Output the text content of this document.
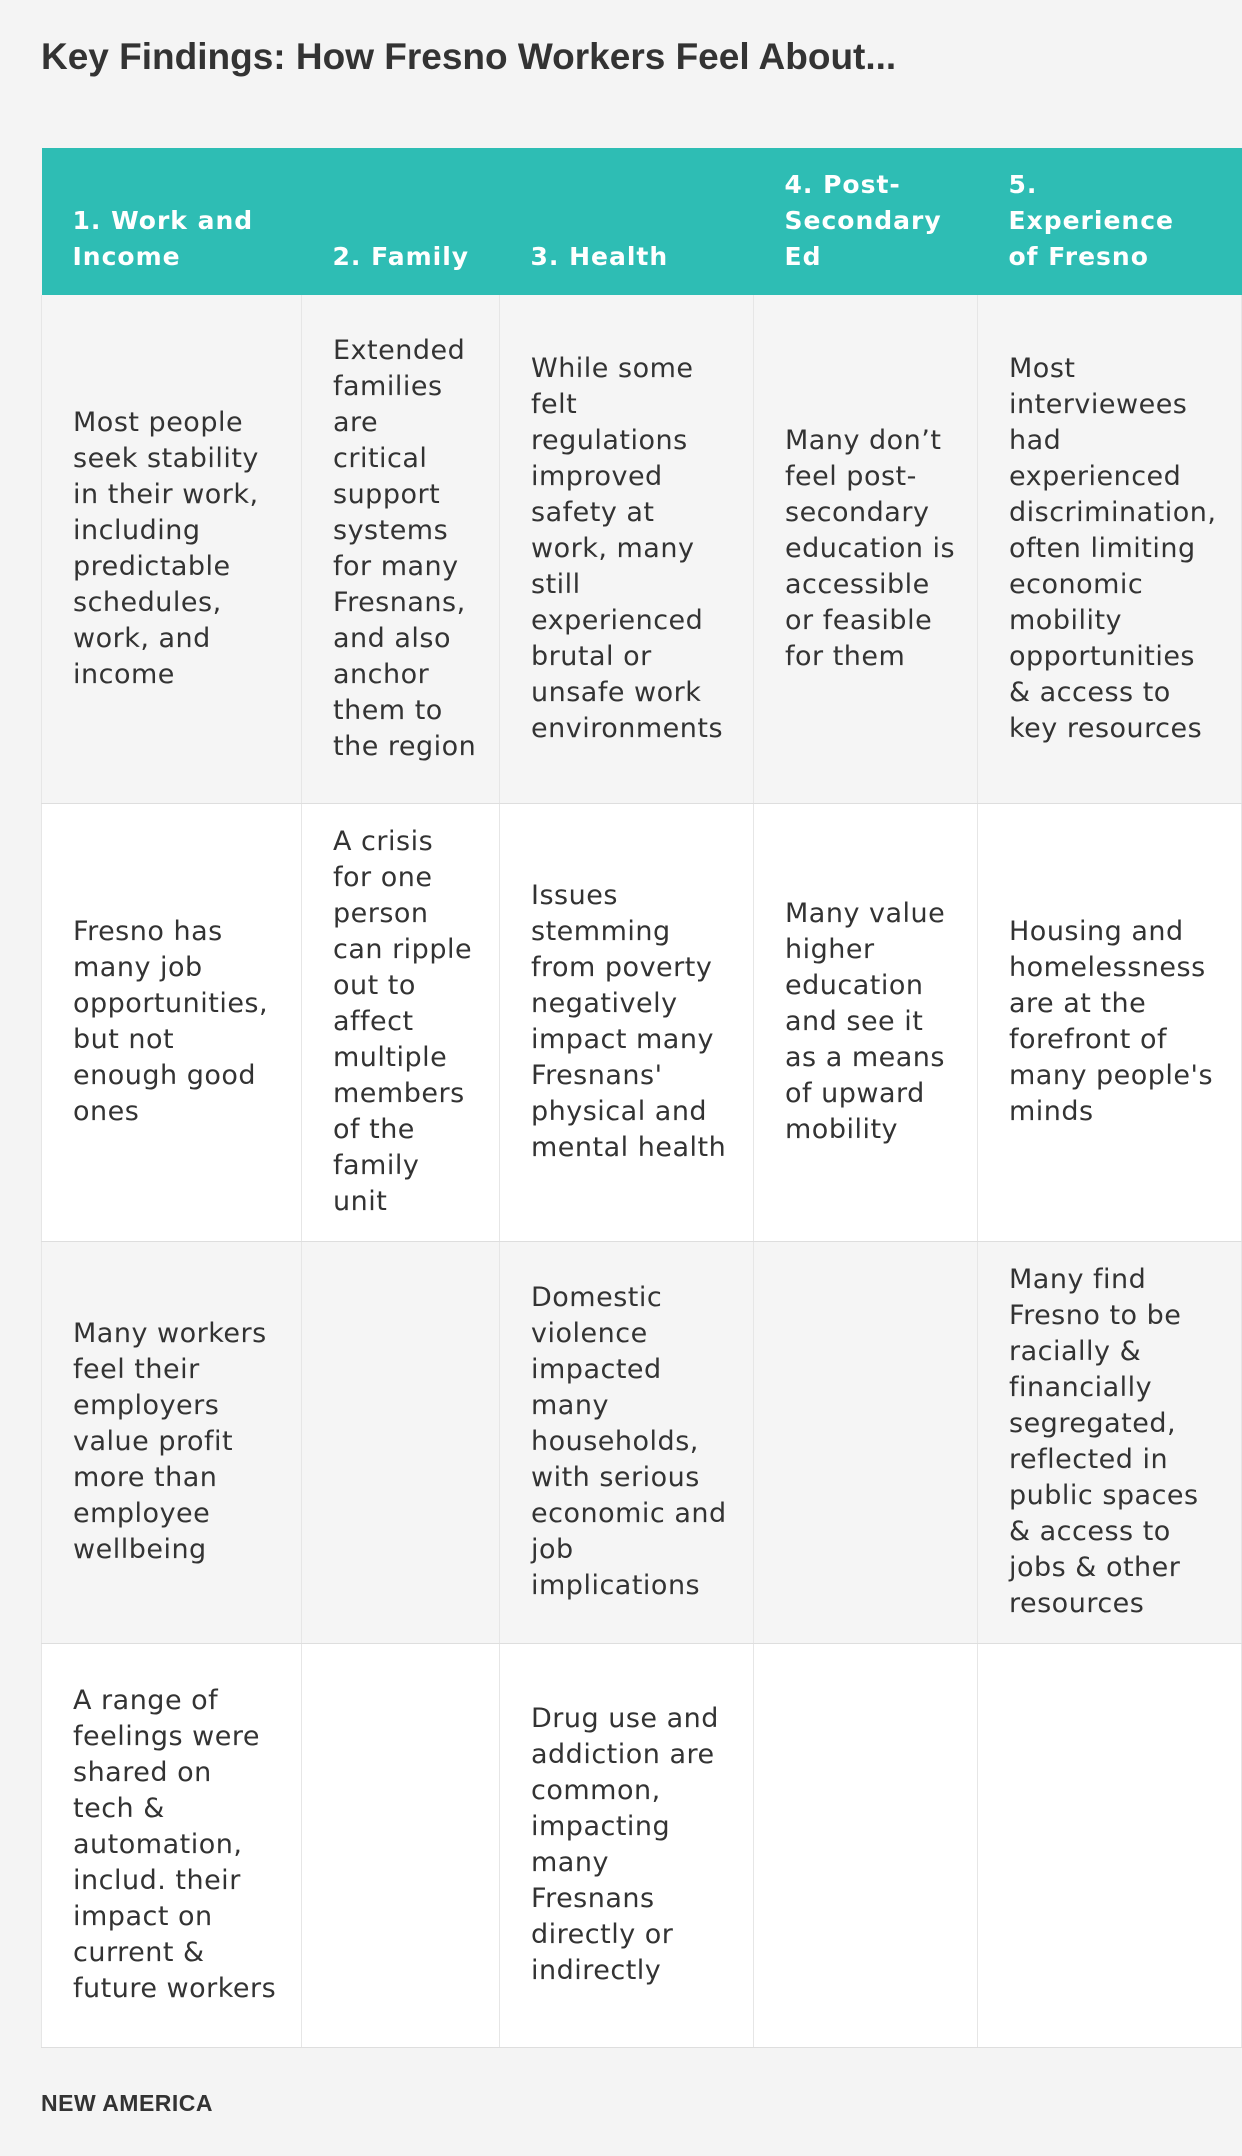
Key Findings: How Fresno Workers Feel About...
1. Work and Income	2. Family	3. Health	4. Post-Secondary Ed	5. Experience of Fresno
Most people seek stability in their work, including predictable schedules, work, and income	Extended families are critical support systems for many Fresnans, and also anchor them to the region	While some felt regulations improved safety at work, many still experienced brutal or unsafe work environments	Many don’t feel post-secondary education is accessible or feasible for them	Most interviewees had experienced discrimination, often limiting economic mobility opportunities & access to key resources
Fresno has many job opportunities, but not enough good ones	A crisis for one person can ripple out to affect multiple members of the family unit	Issues stemming from poverty negatively impact many Fresnans' physical and mental health	Many value higher education and see it as a means of upward mobility	Housing and homelessness are at the forefront of many people's minds
Many workers feel their employers value profit more than employee wellbeing		Domestic violence impacted many households, with serious economic and job implications		Many find Fresno to be racially & financially segregated, reflected in public spaces & access to jobs & other resources
A range of feelings were shared on tech & automation, includ. their impact on current & future workers		Drug use and addiction are common, impacting many Fresnans directly or indirectly		
NEW AMERICA
